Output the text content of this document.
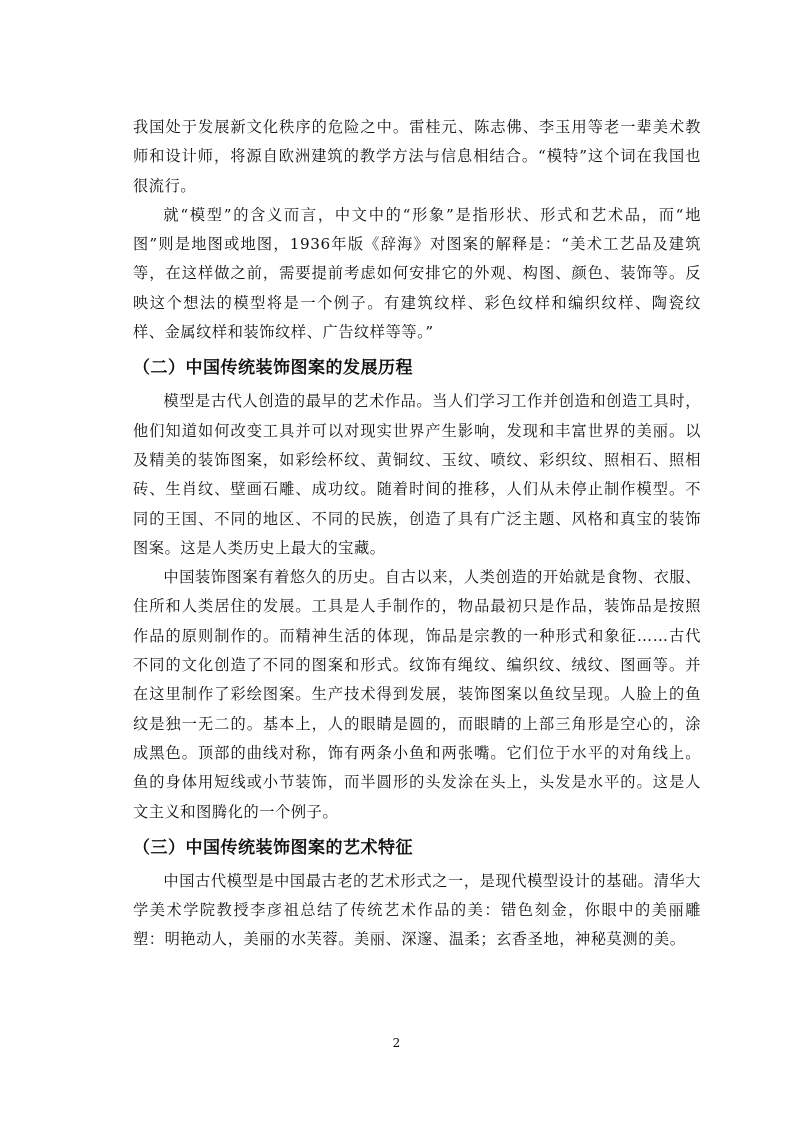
我国处于发展新文化秩序的危险之中。雷桂元、陈志佛、李玉用等老一辈美术教师和设计师，将源自欧洲建筑的教学方法与信息相结合。“模特”这个词在我国也很流行。

就“模型”的含义而言，中文中的“形象”是指形状、形式和艺术品，而“地图”则是地图或地图，1936年版《辞海》对图案的解释是：“美术工艺品及建筑等，在这样做之前，需要提前考虑如何安排它的外观、构图、颜色、装饰等。反映这个想法的模型将是一个例子。有建筑纹样、彩色纹样和编织纹样、陶瓷纹样、金属纹样和装饰纹样、广告纹样等等。”

（二）中国传统装饰图案的发展历程

模型是古代人创造的最早的艺术作品。当人们学习工作并创造和创造工具时，他们知道如何改变工具并可以对现实世界产生影响，发现和丰富世界的美丽。以及精美的装饰图案，如彩绘杯纹、黄铜纹、玉纹、喷纹、彩织纹、照相石、照相砖、生肖纹、壁画石雕、成功纹。随着时间的推移，人们从未停止制作模型。不同的王国、不同的地区、不同的民族，创造了具有广泛主题、风格和真宝的装饰图案。这是人类历史上最大的宝藏。

中国装饰图案有着悠久的历史。自古以来，人类创造的开始就是食物、衣服、住所和人类居住的发展。工具是人手制作的，物品最初只是作品，装饰品是按照作品的原则制作的。而精神生活的体现，饰品是宗教的一种形式和象征……古代不同的文化创造了不同的图案和形式。纹饰有绳纹、编织纹、绒纹、图画等。并在这里制作了彩绘图案。生产技术得到发展，装饰图案以鱼纹呈现。人脸上的鱼纹是独一无二的。基本上，人的眼睛是圆的，而眼睛的上部三角形是空心的，涂成黑色。顶部的曲线对称，饰有两条小鱼和两张嘴。它们位于水平的对角线上。鱼的身体用短线或小节装饰，而半圆形的头发涂在头上，头发是水平的。这是人文主义和图腾化的一个例子。

（三）中国传统装饰图案的艺术特征

中国古代模型是中国最古老的艺术形式之一，是现代模型设计的基础。清华大学美术学院教授李彦祖总结了传统艺术作品的美：错色刻金，你眼中的美丽雕塑：明艳动人，美丽的水芙蓉。美丽、深邃、温柔；玄香圣地，神秘莫测的美。

2
